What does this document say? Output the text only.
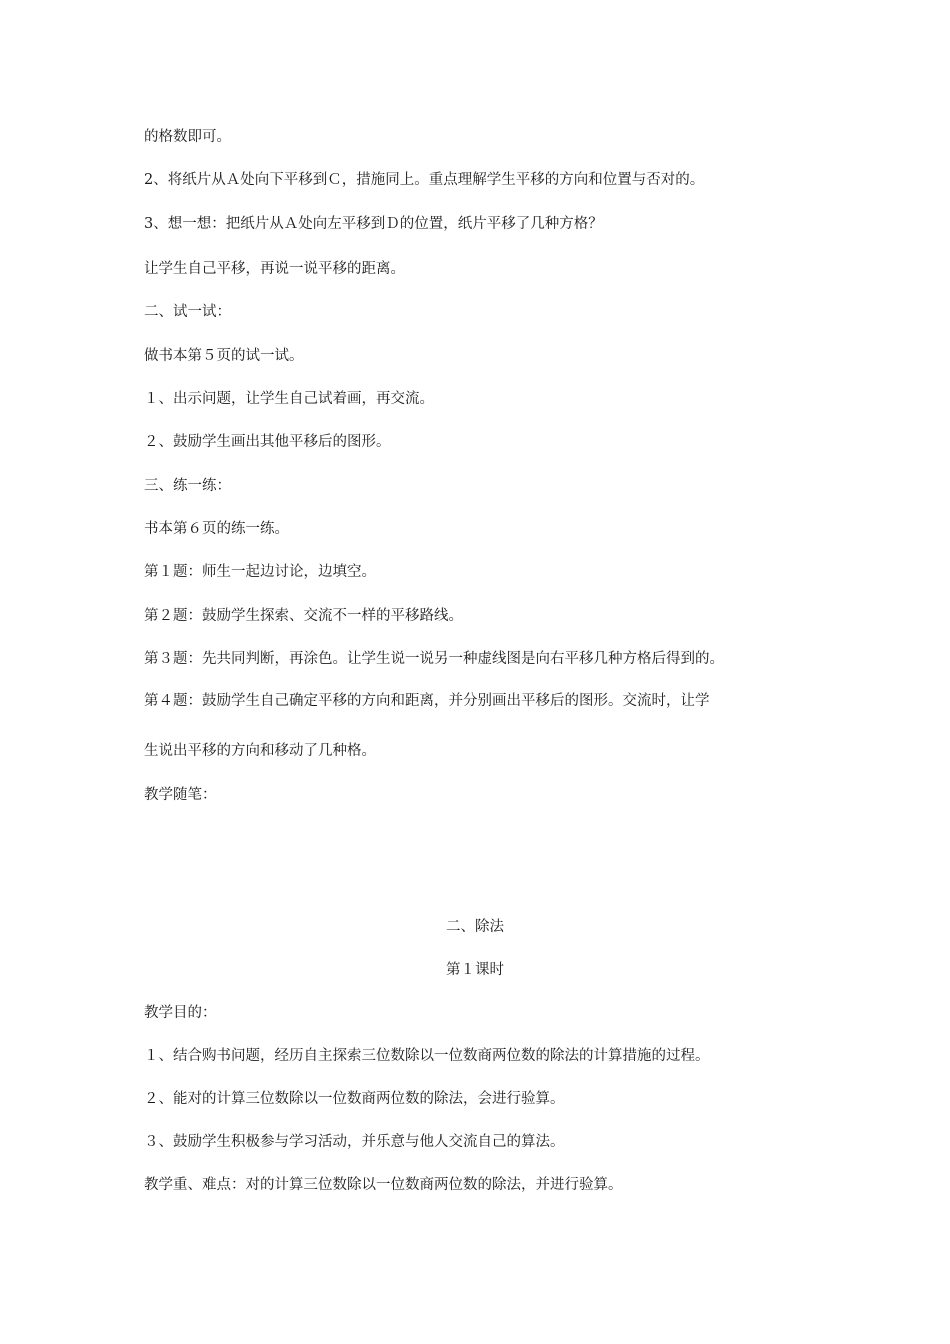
的格数即可。
2、将纸片从Ａ处向下平移到Ｃ，措施同上。重点理解学生平移的方向和位置与否对的。
3、想一想：把纸片从Ａ处向左平移到Ｄ的位置，纸片平移了几种方格？
让学生自己平移，再说一说平移的距离。
二、试一试：
做书本第５页的试一试。
１、出示问题，让学生自己试着画，再交流。
２、鼓励学生画出其他平移后的图形。
三、练一练：
书本第６页的练一练。
第１题：师生一起边讨论，边填空。
第２题：鼓励学生探索、交流不一样的平移路线。
第３题：先共同判断，再涂色。让学生说一说另一种虚线图是向右平移几种方格后得到的。
第４题：鼓励学生自己确定平移的方向和距离，并分别画出平移后的图形。交流时，让学
生说出平移的方向和移动了几种格。
教学随笔：
二、除法
第１课时
教学目的：
１、结合购书问题，经历自主探索三位数除以一位数商两位数的除法的计算措施的过程。
２、能对的计算三位数除以一位数商两位数的除法，会进行验算。
３、鼓励学生积极参与学习活动，并乐意与他人交流自己的算法。
教学重、难点：对的计算三位数除以一位数商两位数的除法，并进行验算。
